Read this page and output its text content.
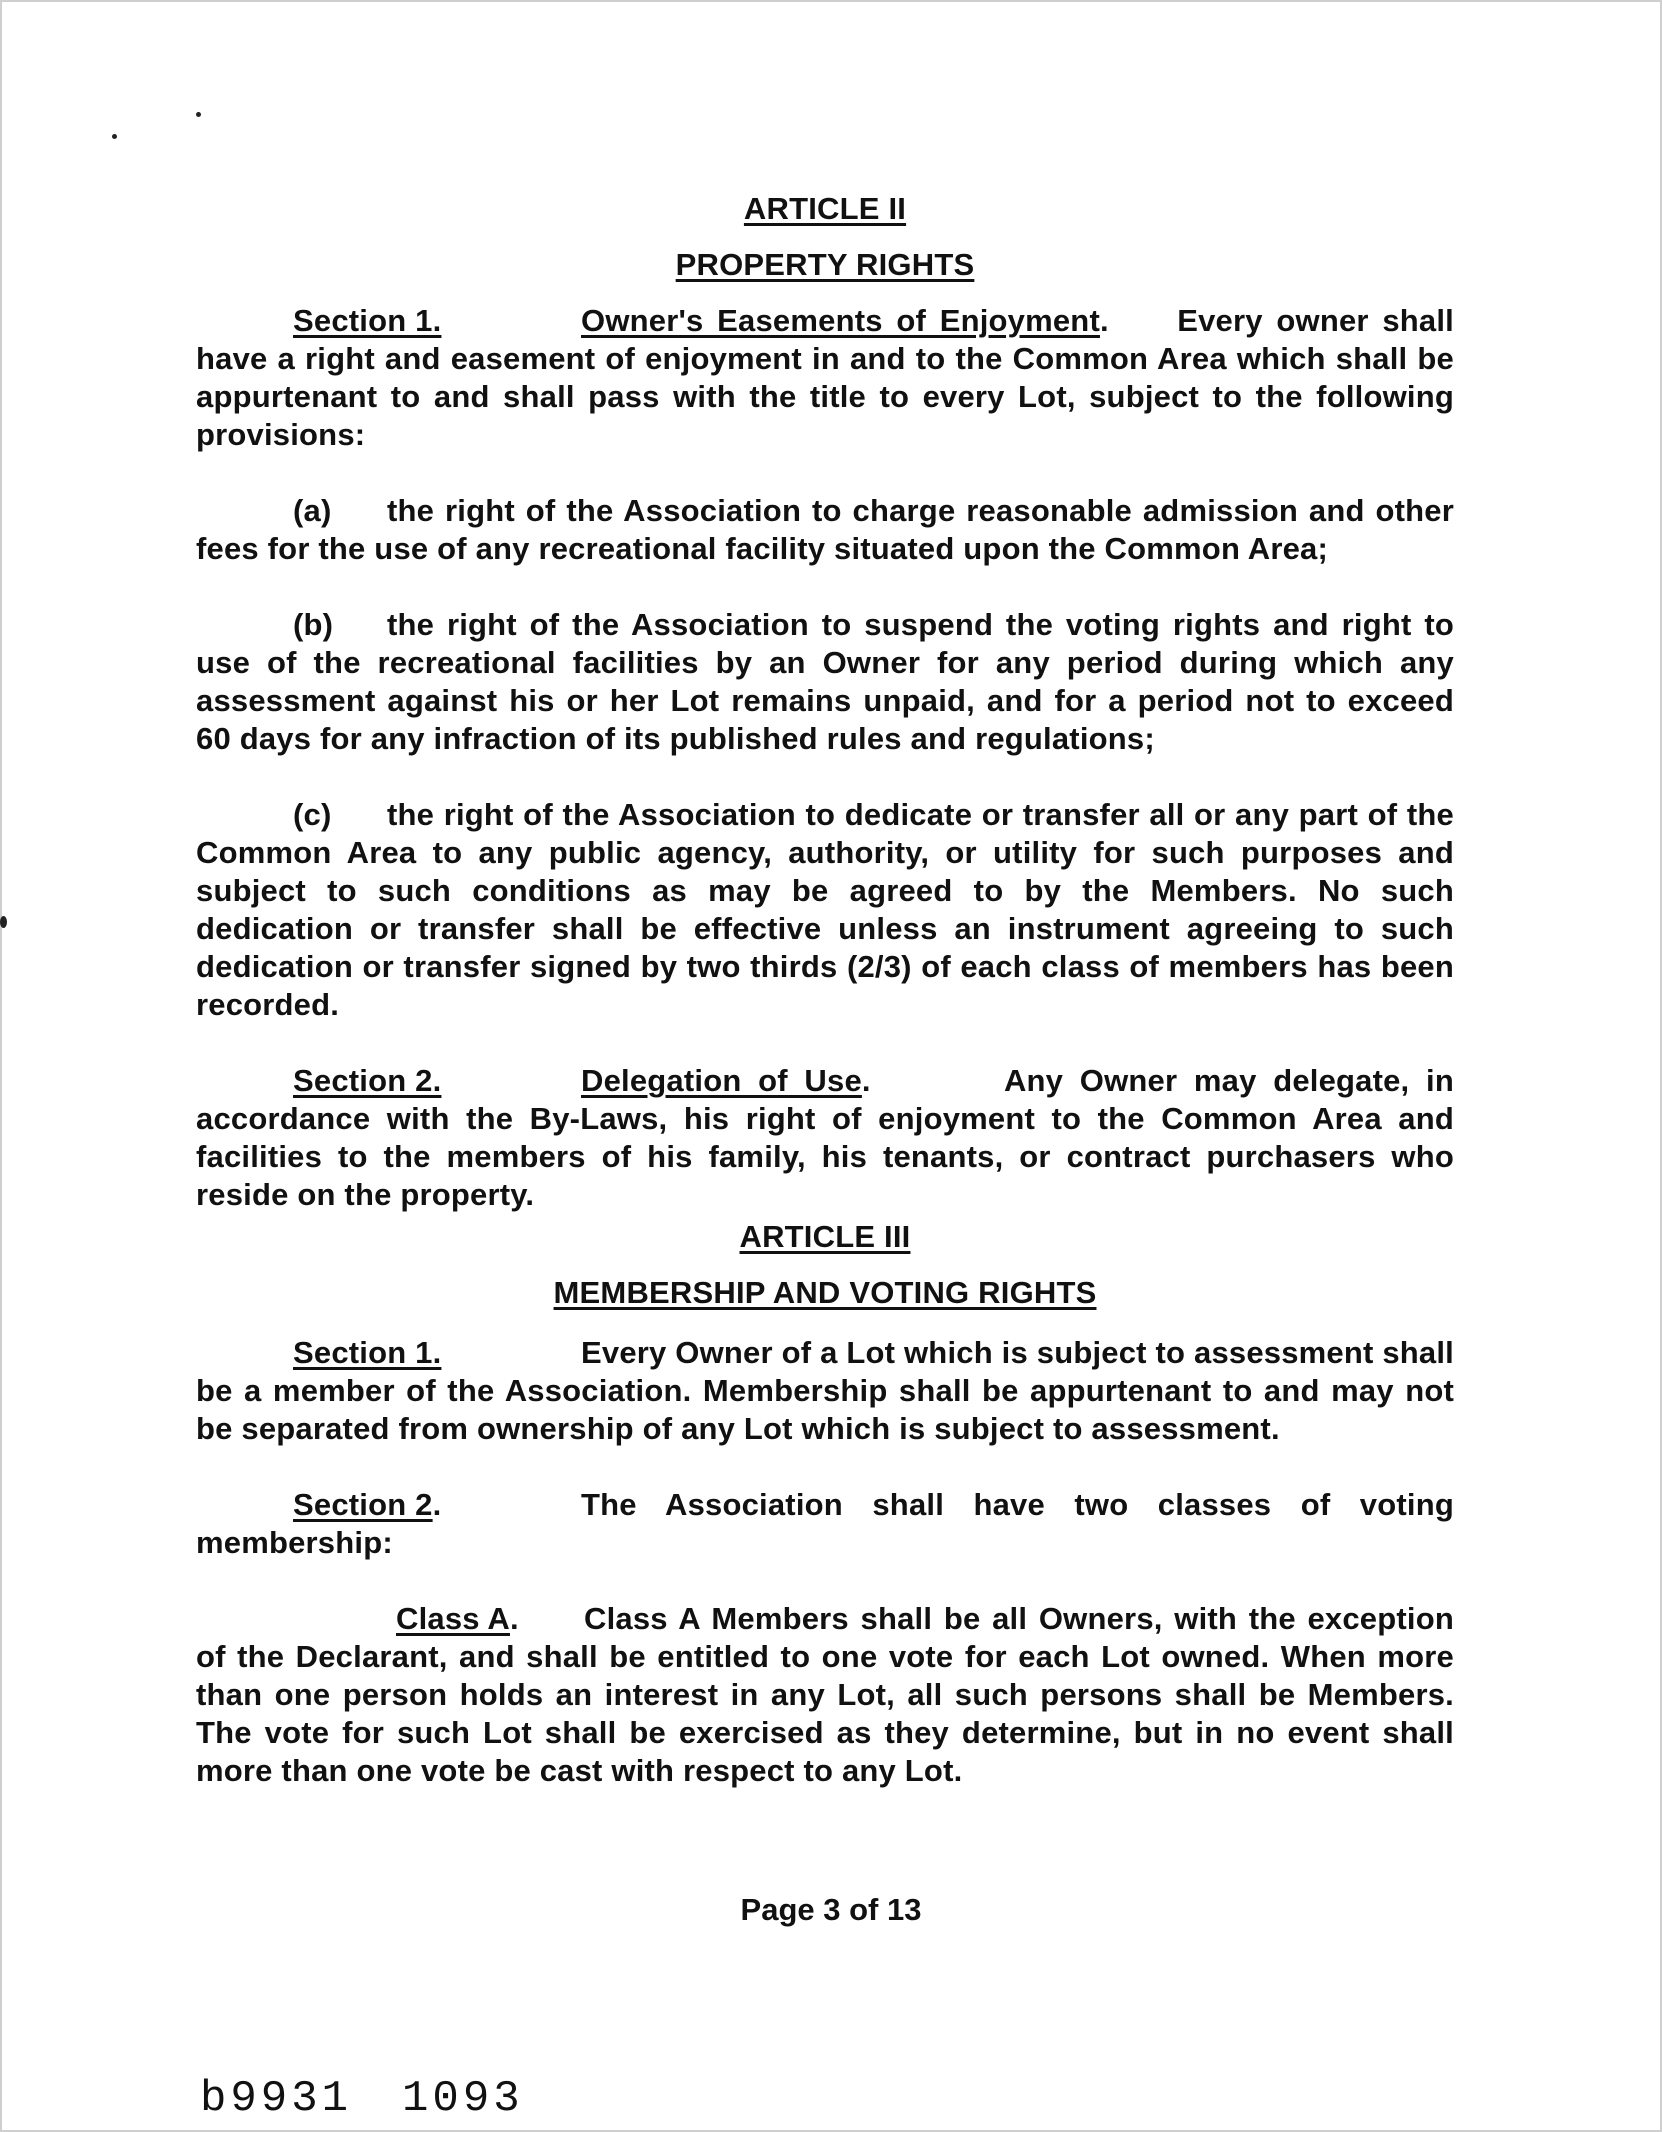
ARTICLE II
PROPERTY RIGHTS

Section 1.	Owner's Easements of Enjoyment.     Every owner shall have a right and easement of enjoyment in and to the Common Area which shall be appurtenant to and shall pass with the title to every Lot, subject to the following provisions:

(a) the right of the Association to charge reasonable admission and other fees for the use of any recreational facility situated upon the Common Area;

(b) the right of the Association to suspend the voting rights and right to use of the recreational facilities by an Owner for any period during which any assessment against his or her Lot remains unpaid, and for a period not to exceed 60 days for any infraction of its published rules and regulations;

(c) the right of the Association to dedicate or transfer all or any part of the Common Area to any public agency, authority, or utility for such purposes and subject to such conditions as may be agreed to by the Members. No such dedication or transfer shall be effective unless an instrument agreeing to such dedication or transfer signed by two thirds (2/3) of each class of members has been recorded.

Section 2.	Delegation of Use.        Any Owner may delegate, in accordance with the By-Laws, his right of enjoyment to the Common Area and facilities to the members of his family, his tenants, or contract purchasers who reside on the property.

ARTICLE III
MEMBERSHIP AND VOTING RIGHTS

Section 1.	Every Owner of a Lot which is subject to assessment shall be a member of the Association. Membership shall be appurtenant to and may not be separated from ownership of any Lot which is subject to assessment.

Section 2.	The Association shall have two classes of voting membership:

Class A. Class A Members shall be all Owners, with the exception of the Declarant, and shall be entitled to one vote for each Lot owned. When more than one person holds an interest in any Lot, all such persons shall be Members. The vote for such Lot shall be exercised as they determine, but in no event shall more than one vote be cast with respect to any Lot.

Page 3 of 13
b9931 1093
